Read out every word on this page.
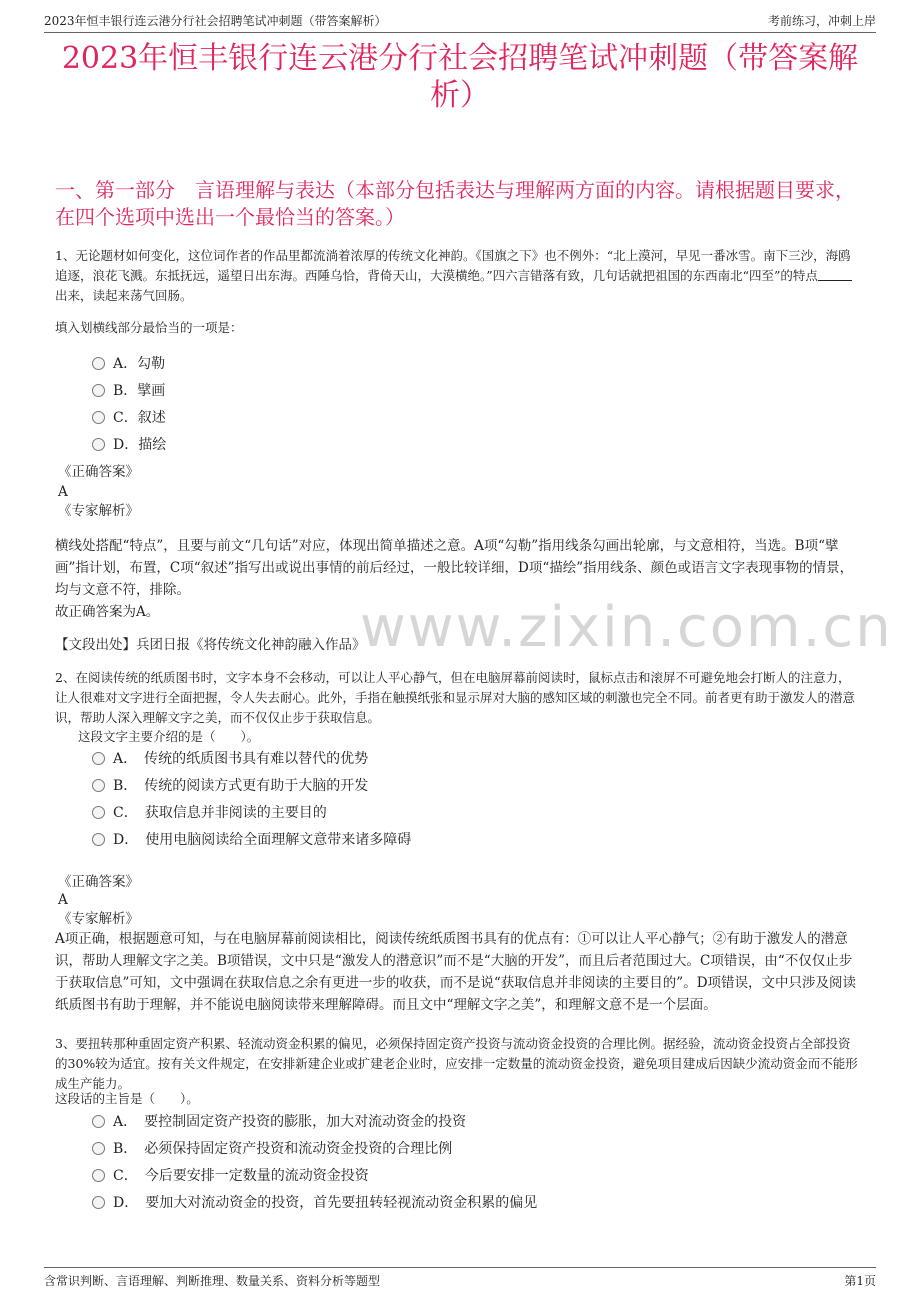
2023年恒丰银行连云港分行社会招聘笔试冲刺题（带答案解析）	考前练习，冲刺上岸
2023年恒丰银行连云港分行社会招聘笔试冲刺题（带答案解析）
一、第一部分　言语理解与表达（本部分包括表达与理解两方面的内容。请根据题目要求，在四个选项中选出一个最恰当的答案。）
www.zixin.com.cn
1、无论题材如何变化，这位词作者的作品里都流淌着浓厚的传统文化神韵。《国旗之下》也不例外：“北上漠河，早见一番冰雪。南下三沙，海鸥追逐，浪花飞溅。东抵抚远，遥望日出东海。西陲乌恰，背倚天山，大漠横绝。”四六言错落有致，几句话就把祖国的东西南北“四至”的特点出来，读起来荡气回肠。
填入划横线部分最恰当的一项是：
A．勾勒
B．擘画
C．叙述
D．描绘
《正确答案》
A
《专家解析》
横线处搭配“特点”，且要与前文“几句话”对应，体现出简单描述之意。A项“勾勒”指用线条勾画出轮廓，与文意相符，当选。B项“擘画”指计划，布置，C项“叙述”指写出或说出事情的前后经过，一般比较详细，D项“描绘”指用线条、颜色或语言文字表现事物的情景，均与文意不符，排除。
故正确答案为A。
【文段出处】兵团日报《将传统文化神韵融入作品》
2、在阅读传统的纸质图书时，文字本身不会移动，可以让人平心静气，但在电脑屏幕前阅读时，鼠标点击和滚屏不可避免地会打断人的注意力，让人很难对文字进行全面把握，令人失去耐心。此外，手指在触摸纸张和显示屏对大脑的感知区域的刺激也完全不同。前者更有助于激发人的潜意识，帮助人深入理解文字之美，而不仅仅止步于获取信息。
这段文字主要介绍的是（　　）。
A．　传统的纸质图书具有难以替代的优势
B．　传统的阅读方式更有助于大脑的开发
C．　获取信息并非阅读的主要目的
D．　使用电脑阅读给全面理解文意带来诸多障碍
《正确答案》
A
《专家解析》
A项正确，根据题意可知，与在电脑屏幕前阅读相比，阅读传统纸质图书具有的优点有：①可以让人平心静气；②有助于激发人的潜意识，帮助人理解文字之美。B项错误，文中只是“激发人的潜意识”而不是“大脑的开发”，而且后者范围过大。C项错误，由“不仅仅止步于获取信息”可知，文中强调在获取信息之余有更进一步的收获，而不是说“获取信息并非阅读的主要目的”。D项错误，文中只涉及阅读纸质图书有助于理解，并不能说电脑阅读带来理解障碍。而且文中“理解文字之美”，和理解文意不是一个层面。
3、要扭转那种重固定资产积累、轻流动资金积累的偏见，必须保持固定资产投资与流动资金投资的合理比例。据经验，流动资金投资占全部投资的30%较为适宜。按有关文件规定，在安排新建企业或扩建老企业时，应安排一定数量的流动资金投资，避免项目建成后因缺少流动资金而不能形成生产能力。
这段话的主旨是（　　）。
A．　要控制固定资产投资的膨胀，加大对流动资金的投资
B．　必须保持固定资产投资和流动资金投资的合理比例
C．　今后要安排一定数量的流动资金投资
D．　要加大对流动资金的投资，首先要扭转轻视流动资金积累的偏见
含常识判断、言语理解、判断推理、数量关系、资料分析等题型	第1页
